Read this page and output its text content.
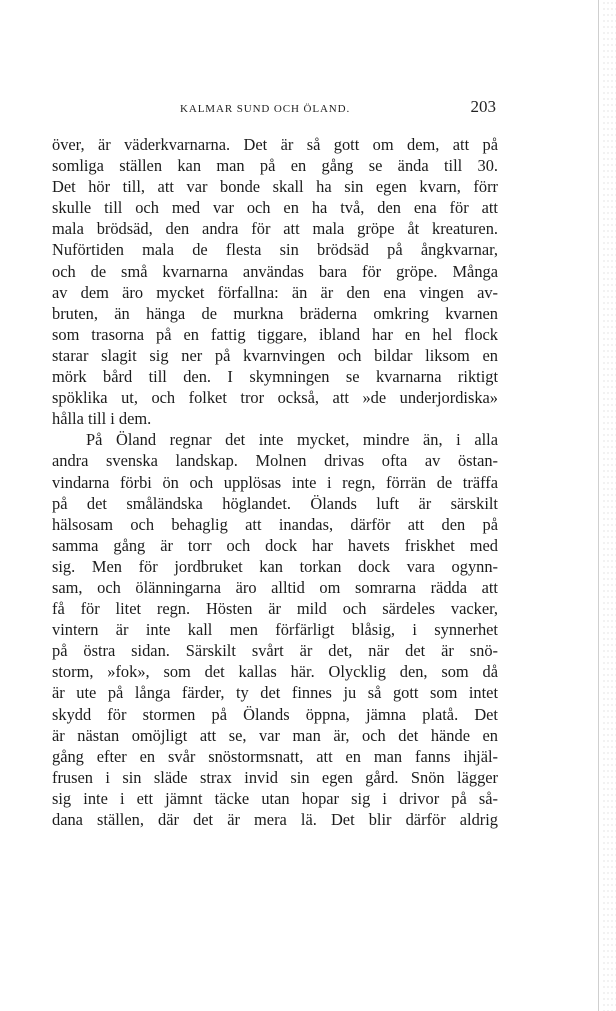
KALMAR SUND OCH ÖLAND.	203
över, är väderkvarnarna. Det är så gott om dem, att på
somliga ställen kan man på en gång se ända till 30.
Det hör till, att var bonde skall ha sin egen kvarn, förr
skulle till och med var och en ha två, den ena för att
mala brödsäd, den andra för att mala gröpe åt kreaturen.
Nuförtiden mala de flesta sin brödsäd på ångkvarnar,
och de små kvarnarna användas bara för gröpe. Många
av dem äro mycket förfallna: än är den ena vingen av-
bruten, än hänga de murkna bräderna omkring kvarnen
som trasorna på en fattig tiggare, ibland har en hel flock
starar slagit sig ner på kvarnvingen och bildar liksom en
mörk bård till den. I skymningen se kvarnarna riktigt
spöklika ut, och folket tror också, att »de underjordiska»
hålla till i dem.
På Öland regnar det inte mycket, mindre än, i alla
andra svenska landskap. Molnen drivas ofta av östan-
vindarna förbi ön och upplösas inte i regn, förrän de träffa
på det småländska höglandet. Ölands luft är särskilt
hälsosam och behaglig att inandas, därför att den på
samma gång är torr och dock har havets friskhet med
sig. Men för jordbruket kan torkan dock vara ogynn-
sam, och ölänningarna äro alltid om somrarna rädda att
få för litet regn. Hösten är mild och särdeles vacker,
vintern är inte kall men förfärligt blåsig, i synnerhet
på östra sidan. Särskilt svårt är det, när det är snö-
storm, »fok», som det kallas här. Olycklig den, som då
är ute på långa färder, ty det finnes ju så gott som intet
skydd för stormen på Ölands öppna, jämna platå. Det
är nästan omöjligt att se, var man är, och det hände en
gång efter en svår snöstormsnatt, att en man fanns ihjäl-
frusen i sin släde strax invid sin egen gård. Snön lägger
sig inte i ett jämnt täcke utan hopar sig i drivor på så-
dana ställen, där det är mera lä. Det blir därför aldrig
